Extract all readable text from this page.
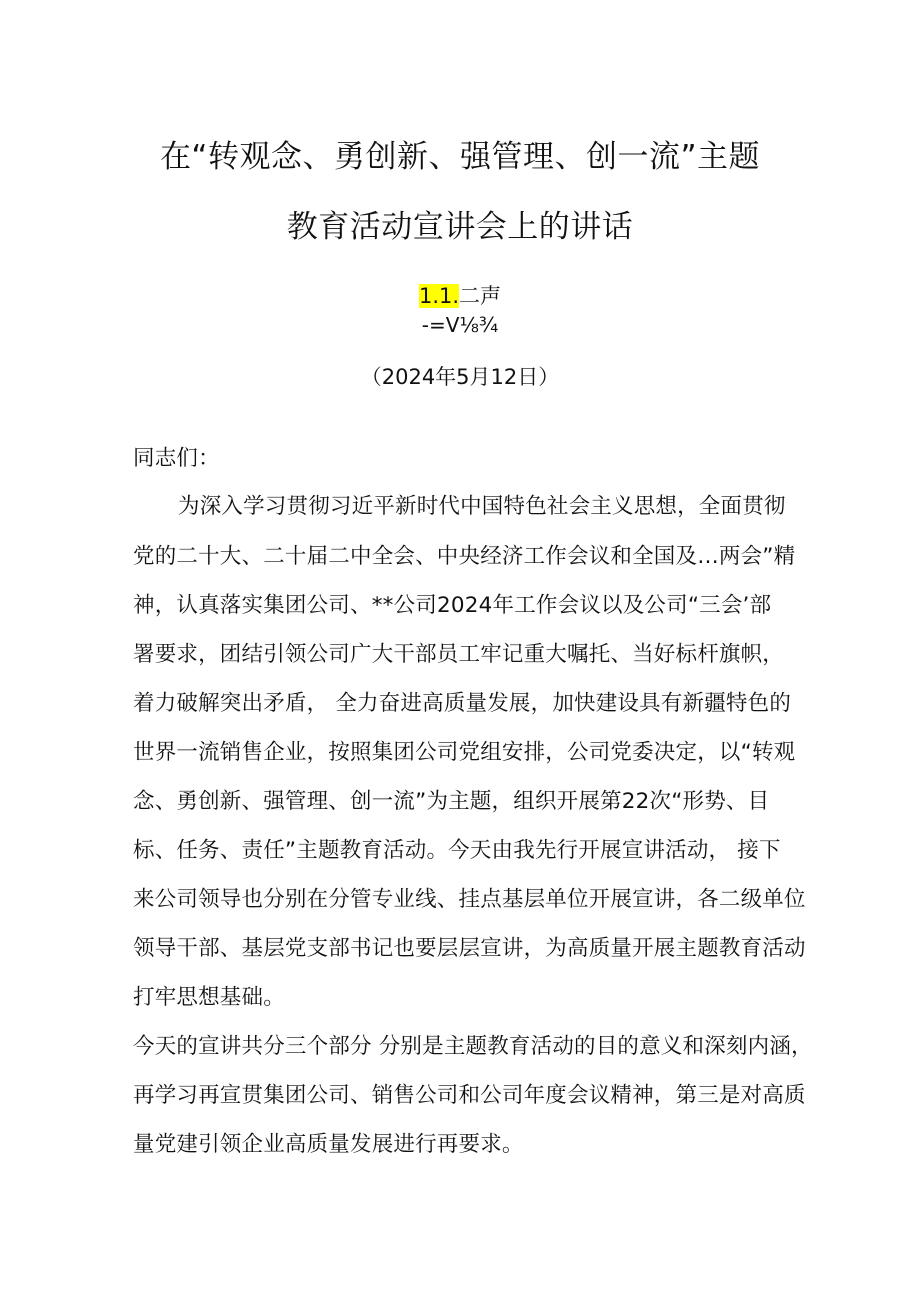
在“转观念、勇创新、强管理、创一流”主题
教育活动宣讲会上的讲话
1.1.二声
-=V⅛¾
（2024年5月12日）
同志们：
为深入学习贯彻习近平新时代中国特色社会主义思想，全面贯彻
党的二十大、二十届二中全会、中央经济工作会议和全国及…两会”精
神，认真落实集团公司、**公司2024年工作会议以及公司“三会’部
署要求，团结引领公司广大干部员工牢记重大嘱托、当好标杆旗帜，
着力破解突出矛盾， 全力奋进高质量发展，加快建设具有新疆特色的
世界一流销售企业，按照集团公司党组安排，公司党委决定，以“转观
念、勇创新、强管理、创一流”为主题，组织开展第22次“形势、目
标、任务、责任”主题教育活动。今天由我先行开展宣讲活动， 接下
来公司领导也分别在分管专业线、挂点基层单位开展宣讲，各二级单位
领导干部、基层党支部书记也要层层宣讲，为高质量开展主题教育活动
打牢思想基础。
今天的宣讲共分三个部分 分别是主题教育活动的目的意义和深刻内涵，
再学习再宣贯集团公司、销售公司和公司年度会议精神，第三是对高质
量党建引领企业高质量发展进行再要求。
